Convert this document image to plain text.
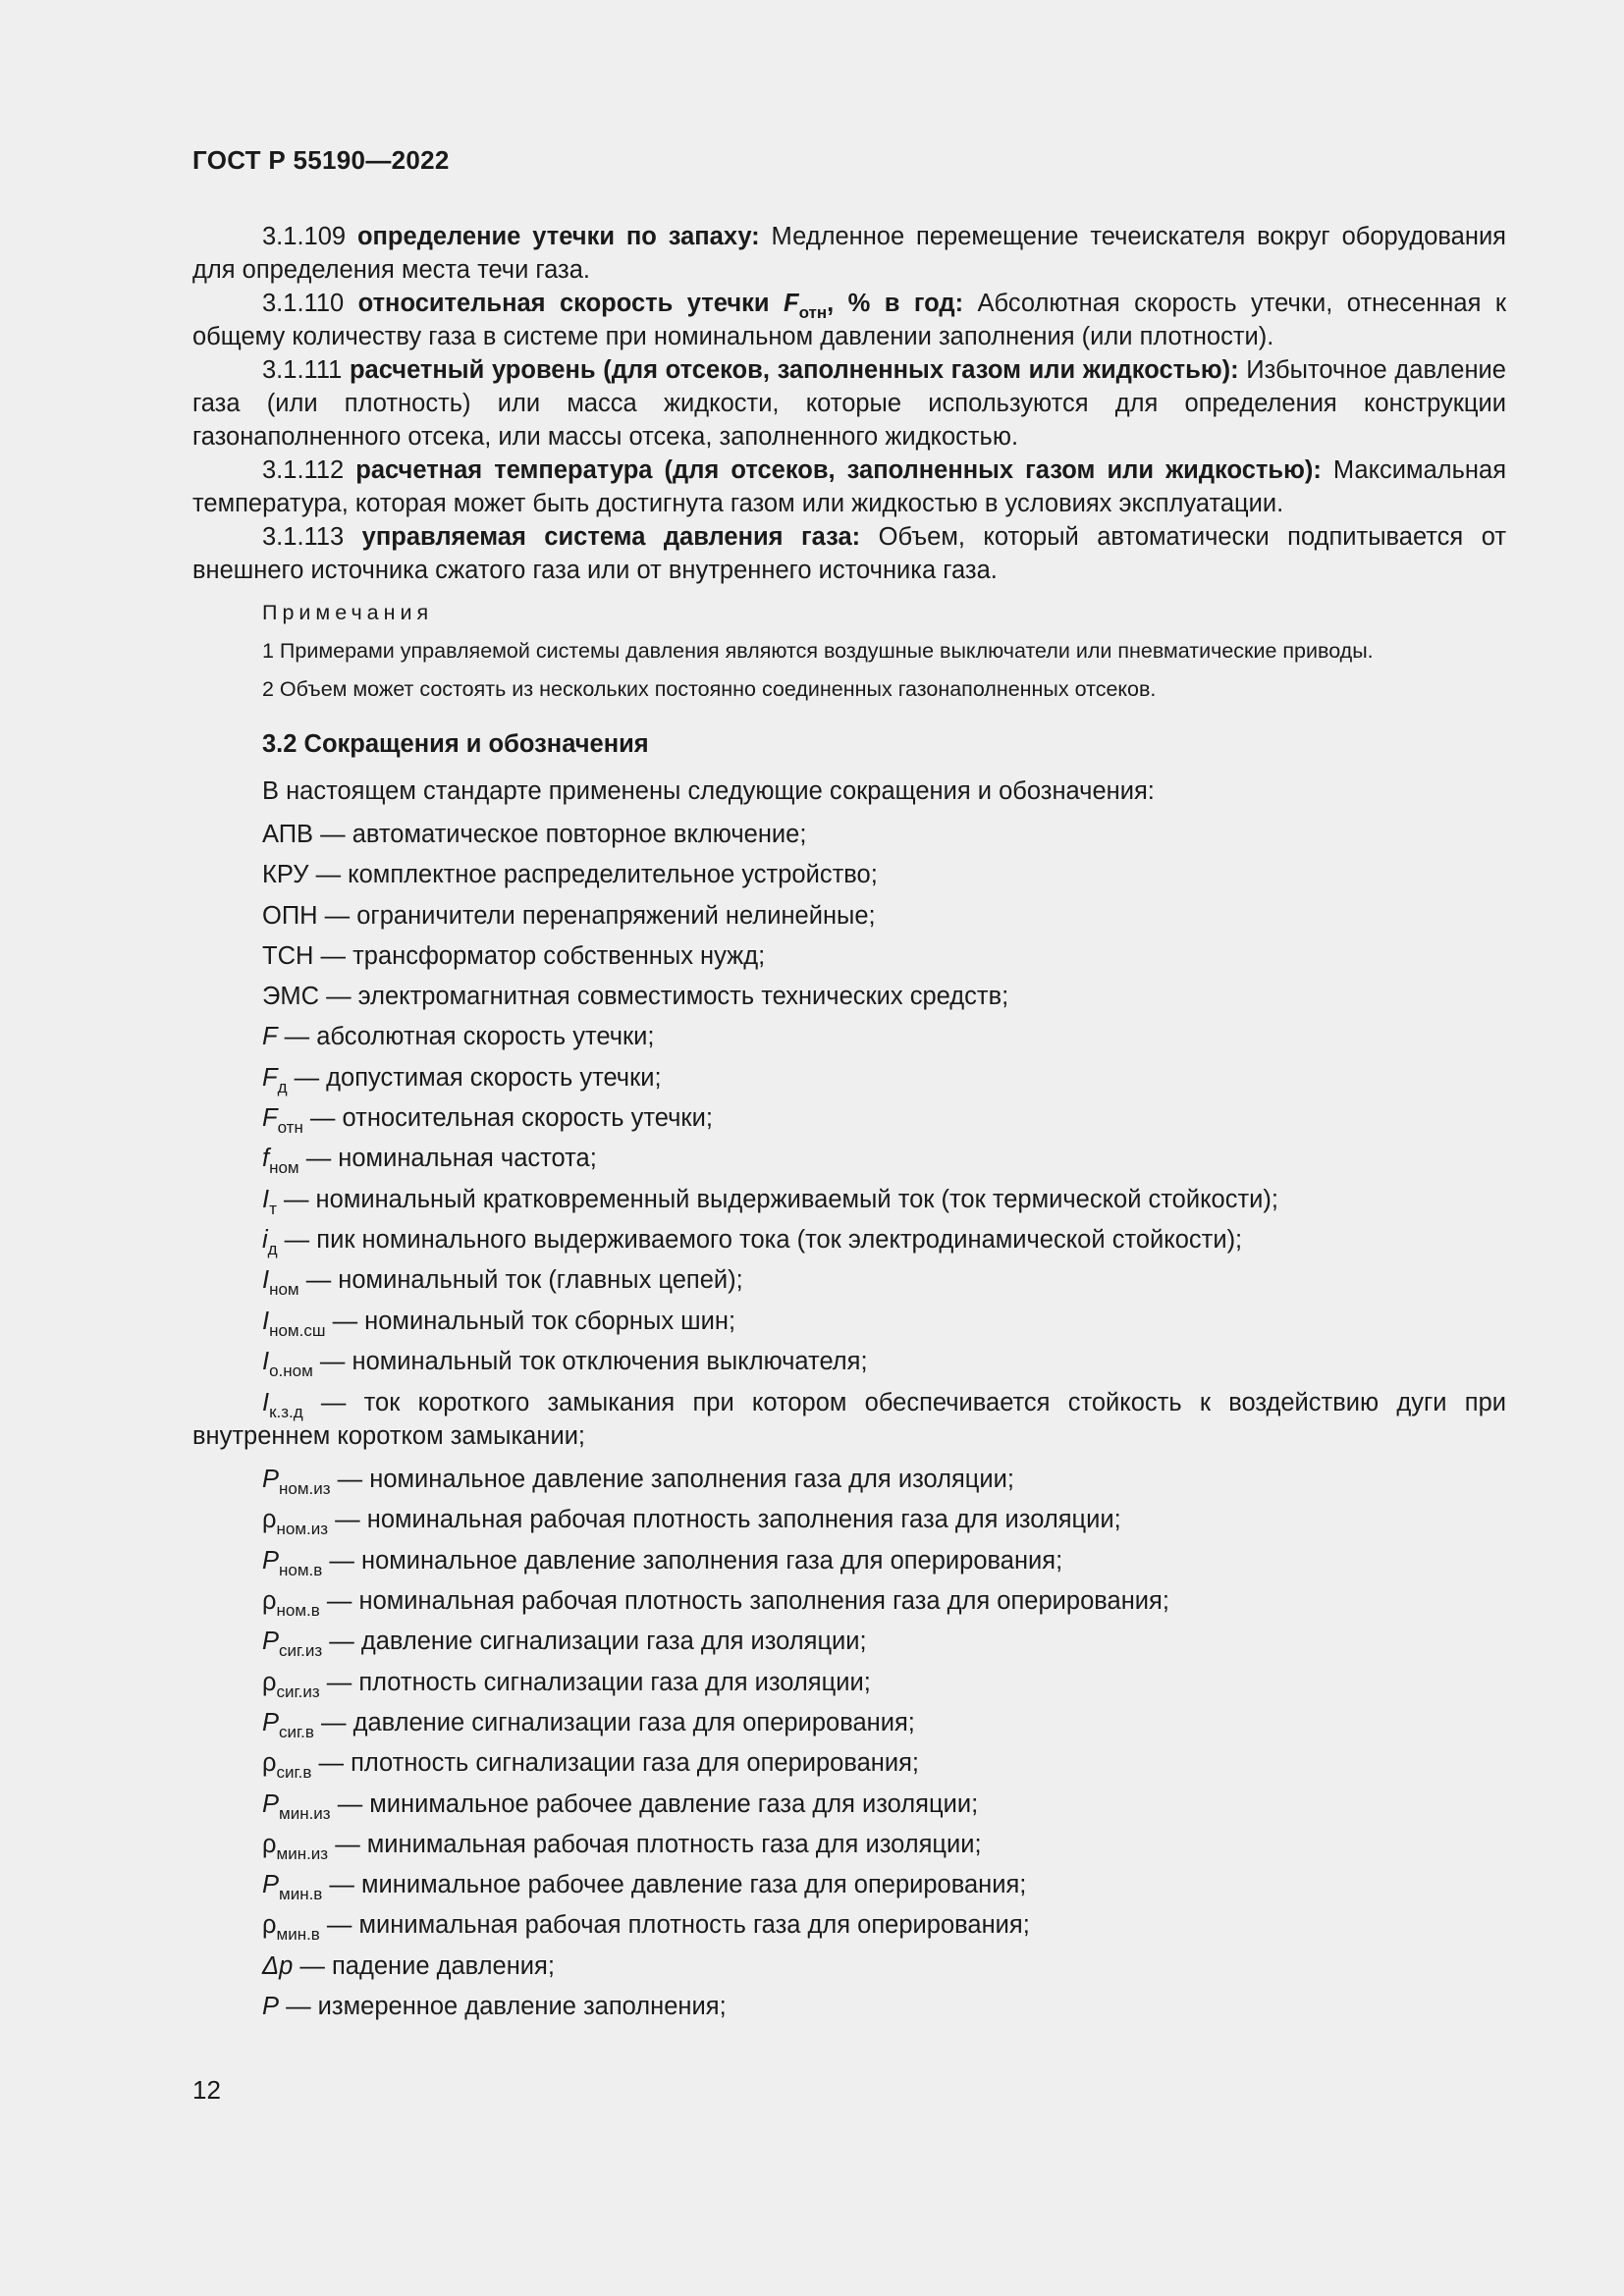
ГОСТ Р 55190—2022
3.1.109 определение утечки по запаху: Медленное перемещение течеискателя вокруг оборудования для определения места течи газа.
3.1.110 относительная скорость утечки $F_{отн}$, % в год: Абсолютная скорость утечки, отнесенная к общему количеству газа в системе при номинальном давлении заполнения (или плотности).
3.1.111 расчетный уровень (для отсеков, заполненных газом или жидкостью): Избыточное давление газа (или плотность) или масса жидкости, которые используются для определения конструкции газонаполненного отсека, или массы отсека, заполненного жидкостью.
3.1.112 расчетная температура (для отсеков, заполненных газом или жидкостью): Максимальная температура, которая может быть достигнута газом или жидкостью в условиях эксплуатации.
3.1.113 управляемая система давления газа: Объем, который автоматически подпитывается от внешнего источника сжатого газа или от внутреннего источника газа.
Примечания
1 Примерами управляемой системы давления являются воздушные выключатели или пневматические приводы.
2 Объем может состоять из нескольких постоянно соединенных газонаполненных отсеков.
3.2 Сокращения и обозначения
В настоящем стандарте применены следующие сокращения и обозначения:
АПВ — автоматическое повторное включение;
КРУ — комплектное распределительное устройство;
ОПН — ограничители перенапряжений нелинейные;
ТСН — трансформатор собственных нужд;
ЭМС — электромагнитная совместимость технических средств;
F — абсолютная скорость утечки;
$F_д$ — допустимая скорость утечки;
$F_{отн}$ — относительная скорость утечки;
$f_{ном}$ — номинальная частота;
$I_т$ — номинальный кратковременный выдерживаемый ток (ток термической стойкости);
$i_д$ — пик номинального выдерживаемого тока (ток электродинамической стойкости);
$I_{ном}$ — номинальный ток (главных цепей);
$I_{ном.сш}$ — номинальный ток сборных шин;
$I_{о.ном}$ — номинальный ток отключения выключателя;
$I_{к.з.д}$ — ток короткого замыкания при котором обеспечивается стойкость к воздействию дуги при внутреннем коротком замыкании;
$P_{ном.из}$ — номинальное давление заполнения газа для изоляции;
$\rho_{ном.из}$ — номинальная рабочая плотность заполнения газа для изоляции;
$P_{ном.в}$ — номинальное давление заполнения газа для оперирования;
$\rho_{ном.в}$ — номинальная рабочая плотность заполнения газа для оперирования;
$P_{сиг.из}$ — давление сигнализации газа для изоляции;
$\rho_{сиг.из}$ — плотность сигнализации газа для изоляции;
$P_{сиг.в}$ — давление сигнализации газа для оперирования;
$\rho_{сиг.в}$ — плотность сигнализации газа для оперирования;
$P_{мин.из}$ — минимальное рабочее давление газа для изоляции;
$\rho_{мин.из}$ — минимальная рабочая плотность газа для изоляции;
$P_{мин.в}$ — минимальное рабочее давление газа для оперирования;
$\rho_{мин.в}$ — минимальная рабочая плотность газа для оперирования;
Δp — падение давления;
P — измеренное давление заполнения;
12
